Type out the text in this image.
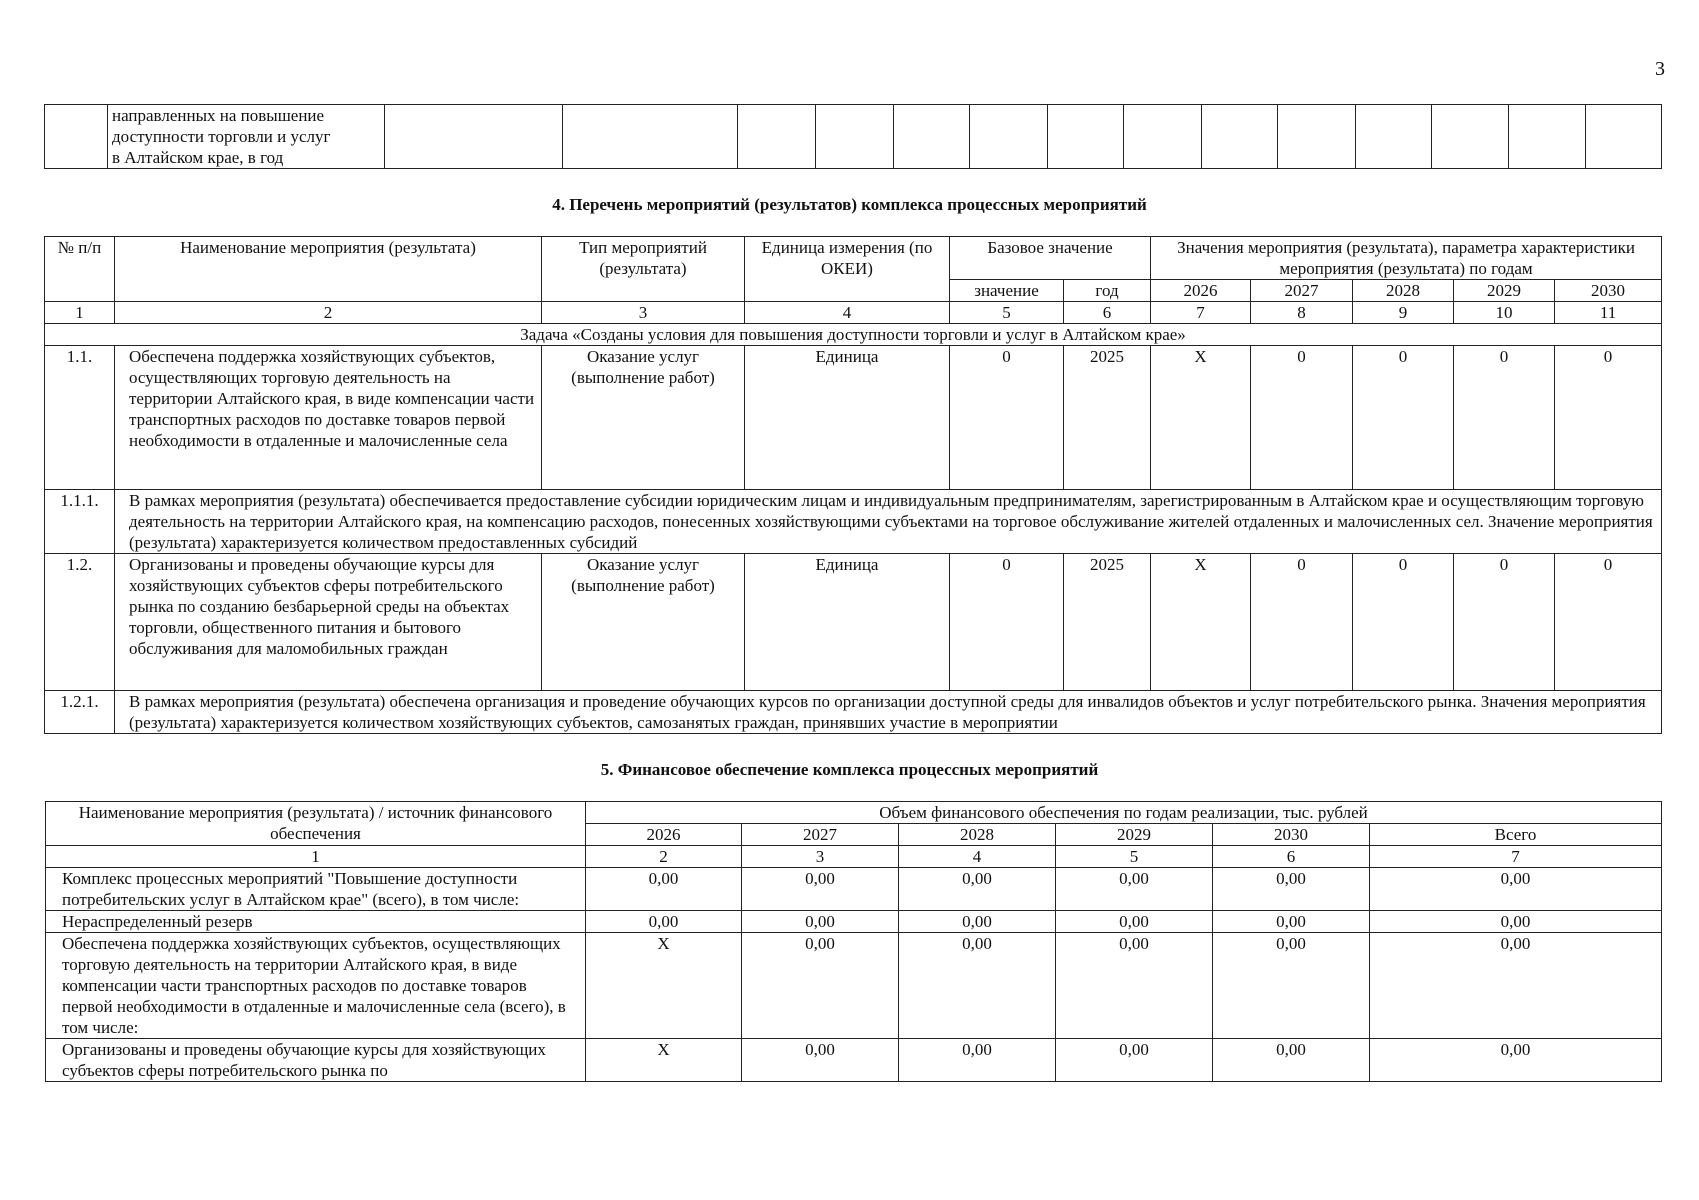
3

направленных на повышение
доступности торговли и услуг
в Алтайском крае, в год

4. Перечень мероприятий (результатов) комплекса процессных мероприятий
№ п/п	Наименование мероприятия (результата)	Тип мероприятий (результата)	Единица измерения (по ОКЕИ)	Базовое значение		Значения мероприятия (результата), параметра характеристики мероприятия (результата) по годам				
				значение	год	2026	2027	2028	2029	2030
1	2	3	4	5	6	7	8	9	10	11
Задача «Созданы условия для повышения доступности торговли и услуг в Алтайском крае»										
1.1.	Обеспечена поддержка хозяйствующих субъектов, осуществляющих торговую деятельность на территории Алтайского края, в виде компенсации части транспортных расходов по доставке товаров первой необходимости в отдаленные и малочисленные села	Оказание услуг (выполнение работ)	Единица	0	2025	X	0	0	0	0
1.1.1.	В рамках мероприятия (результата) обеспечивается предоставление субсидии юридическим лицам и индивидуальным предпринимателям, зарегистрированным в Алтайском крае и осуществляющим торговую деятельность на территории Алтайского края, на компенсацию расходов, понесенных хозяйствующими субъектами на торговое обслуживание жителей отдаленных и малочисленных сел. Значение мероприятия (результата) характеризуется количеством предоставленных субсидий									
1.2.	Организованы и проведены обучающие курсы для хозяйствующих субъектов сферы потребительского рынка по созданию безбарьерной среды на объектах торговли, общественного питания и бытового обслуживания для маломобильных граждан	Оказание услуг (выполнение работ)	Единица	0	2025	X	0	0	0	0
1.2.1.	В рамках мероприятия (результата) обеспечена организация и проведение обучающих курсов по организации доступной среды для инвалидов объектов и услуг потребительского рынка. Значения мероприятия (результата) характеризуется количеством хозяйствующих субъектов, самозанятых граждан, принявших участие в мероприятии									
5. Финансовое обеспечение комплекса процессных мероприятий
Наименование мероприятия (результата) / источник финансового обеспечения	Объем финансового обеспечения по годам реализации, тыс. рублей					
	2026	2027	2028	2029	2030	Всего
1	2	3	4	5	6	7
Комплекс процессных мероприятий "Повышение доступности потребительских услуг в Алтайском крае" (всего), в том числе:	0,00	0,00	0,00	0,00	0,00	0,00
Нераспределенный резерв	0,00	0,00	0,00	0,00	0,00	0,00
Обеспечена поддержка хозяйствующих субъектов, осуществляющих торговую деятельность на территории Алтайского края, в виде компенсации части транспортных расходов по доставке товаров первой необходимости в отдаленные и малочисленные села (всего), в том числе:	X	0,00	0,00	0,00	0,00	0,00
Организованы и проведены обучающие курсы для хозяйствующих субъектов сферы потребительского рынка по	X	0,00	0,00	0,00	0,00	0,00
